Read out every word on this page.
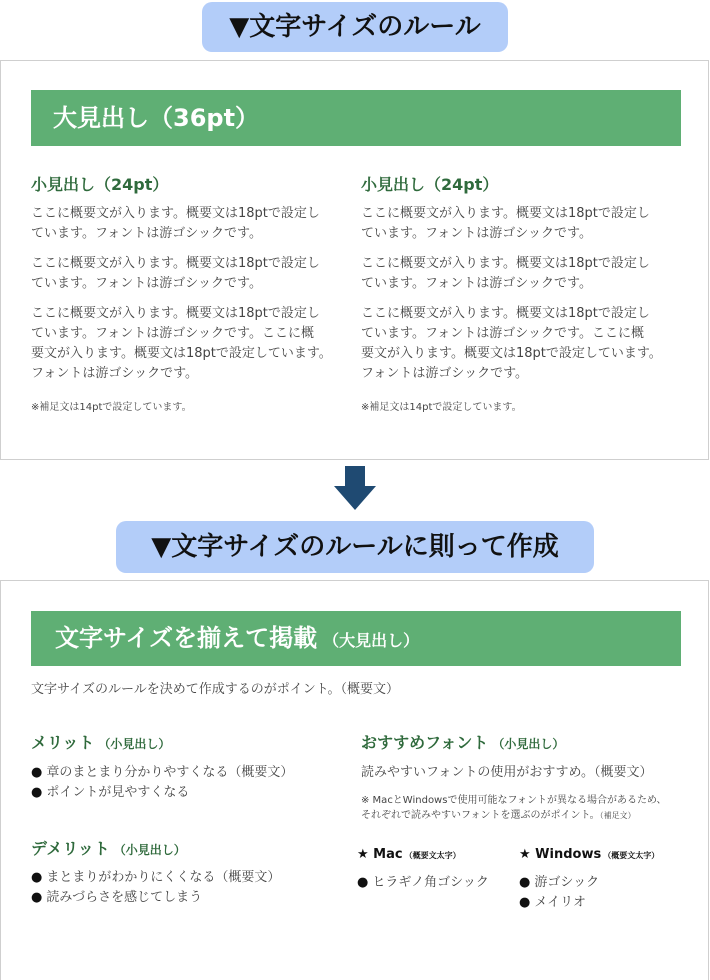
▼文字サイズのルール
大見出し（36pt）
小見出し（24pt）
ここに概要文が入ります。概要文は18ptで設定し
ています。フォントは游ゴシックです。
ここに概要文が入ります。概要文は18ptで設定し
ています。フォントは游ゴシックです。
ここに概要文が入ります。概要文は18ptで設定し
ています。フォントは游ゴシックです。ここに概
要文が入ります。概要文は18ptで設定しています。
フォントは游ゴシックです。
※補足文は14ptで設定しています。
小見出し（24pt）
ここに概要文が入ります。概要文は18ptで設定し
ています。フォントは游ゴシックです。
ここに概要文が入ります。概要文は18ptで設定し
ています。フォントは游ゴシックです。
ここに概要文が入ります。概要文は18ptで設定し
ています。フォントは游ゴシックです。ここに概
要文が入ります。概要文は18ptで設定しています。
フォントは游ゴシックです。
※補足文は14ptで設定しています。
▼文字サイズのルールに則って作成
文字サイズを揃えて掲載 （大見出し）
文字サイズのルールを決めて作成するのがポイント。（概要文）
メリット （小見出し）
● 章のまとまり分かりやすくなる（概要文）
● ポイントが見やすくなる
デメリット （小見出し）
● まとまりがわかりにくくなる（概要文）
● 読みづらさを感じてしまう
おすすめフォント （小見出し）
読みやすいフォントの使用がおすすめ。（概要文）
※ MacとWindowsで使用可能なフォントが異なる場合があるため、
それぞれで読みやすいフォントを選ぶのがポイント。（補足文）
★ Mac （概要文太字）
● ヒラギノ角ゴシック
★ Windows （概要文太字）
● 游ゴシック
● メイリオ
